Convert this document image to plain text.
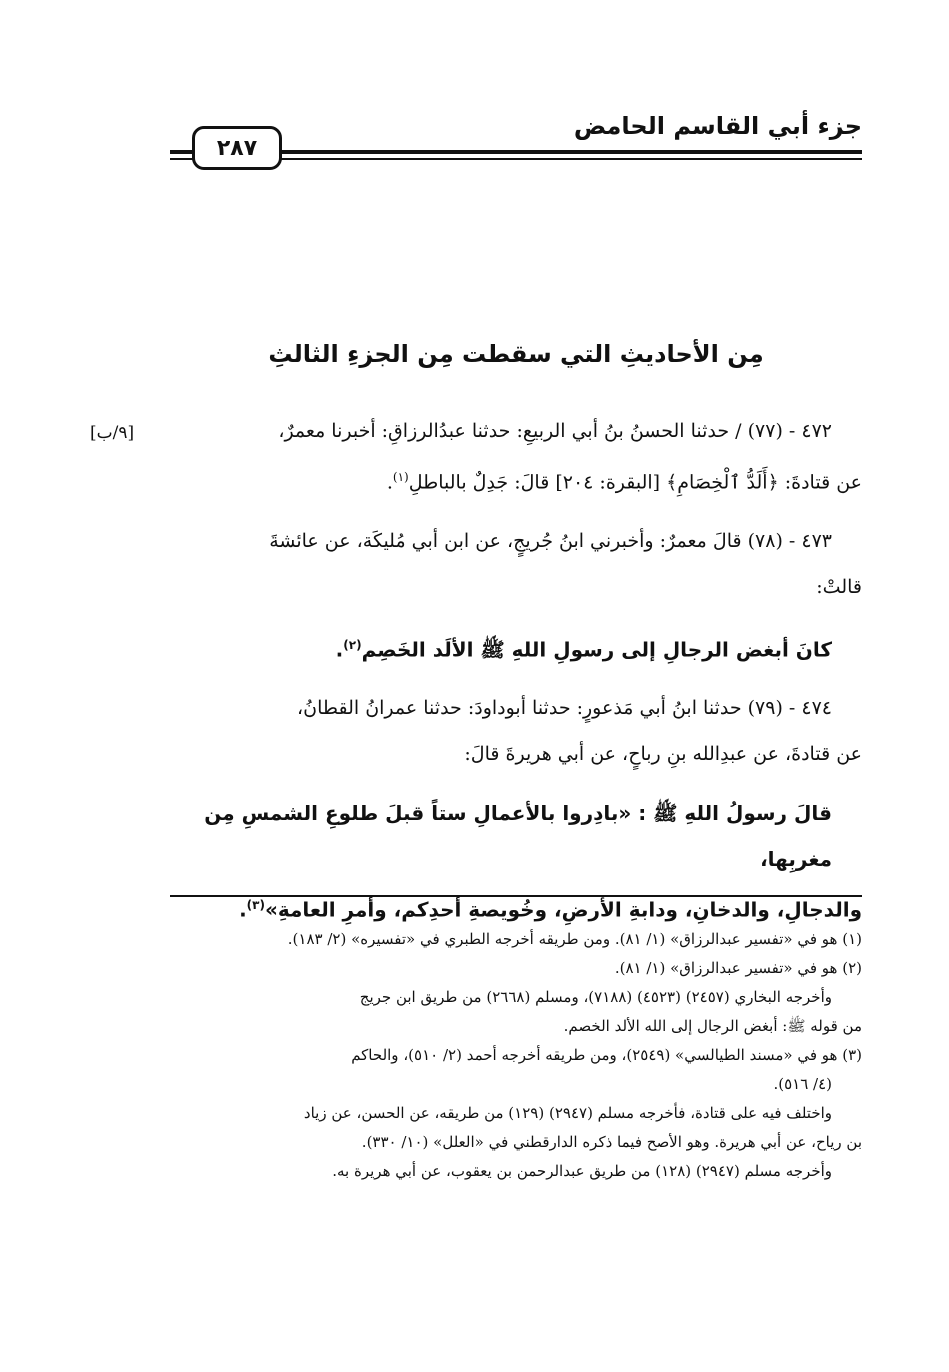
جزء أبي القاسم الحامض
٢٨٧
مِن الأحاديثِ التي سقطت مِن الجزءِ الثالثِ
[٩/ب]	٤٧٢ - (٧٧) / حدثنا الحسنُ بنُ أبي الربيعِ: حدثنا عبدُالرزاقِ: أخبرنا معمرٌ،

عن قتادةَ: ﴿أَلَدُّ ٱلْخِصَامِ﴾ [البقرة: ٢٠٤] قالَ: جَدِلٌ بالباطلِ$^{(١)}$.

٤٧٣ - (٧٨) قالَ معمرٌ: وأخبرني ابنُ جُريجٍ، عن ابن أبي مُليكَة، عن عائشةَ

قالتْ:

كانَ أبغض الرجالِ إلى رسولِ اللهِ ﷺ الألَد الخَصِم$^{(٢)}$.

٤٧٤ - (٧٩) حدثنا ابنُ أبي مَذعورٍ: حدثنا أبوداودَ: حدثنا عمرانُ القطانُ،

عن قتادةَ، عن عبدِالله بنِ رباحٍ، عن أبي هريرةَ قالَ:

قالَ رسولُ اللهِ ﷺ : «بادِروا بالأعمالِ ستاً قبلَ طلوعِ الشمسِ مِن مغربِها،

والدجالِ، والدخانِ، ودابةِ الأرضِ، وخُويصةِ أحدِكم، وأمرِ العامةِ»$^{(٣)}$.

(١) هو في «تفسير عبدالرزاق» (١/ ٨١). ومن طريقه أخرجه الطبري في «تفسيره» (٢/ ١٨٣).

(٢) هو في «تفسير عبدالرزاق» (١/ ٨١).

وأخرجه البخاري (٢٤٥٧) (٤٥٢٣) (٧١٨٨)، ومسلم (٢٦٦٨) من طريق ابن جريج

من قوله ﷺ: أبغض الرجال إلى الله الألد الخصم.

(٣) هو في «مسند الطيالسي» (٢٥٤٩)، ومن طريقه أخرجه أحمد (٢/ ٥١٠)، والحاكم

(٤/ ٥١٦).

واختلف فيه على قتادة، فأخرجه مسلم (٢٩٤٧) (١٢٩) من طريقه، عن الحسن، عن زياد

بن رياح، عن أبي هريرة. وهو الأصح فيما ذكره الدارقطني في «العلل» (١٠/ ٣٣٠).

وأخرجه مسلم (٢٩٤٧) (١٢٨) من طريق عبدالرحمن بن يعقوب، عن أبي هريرة به.
